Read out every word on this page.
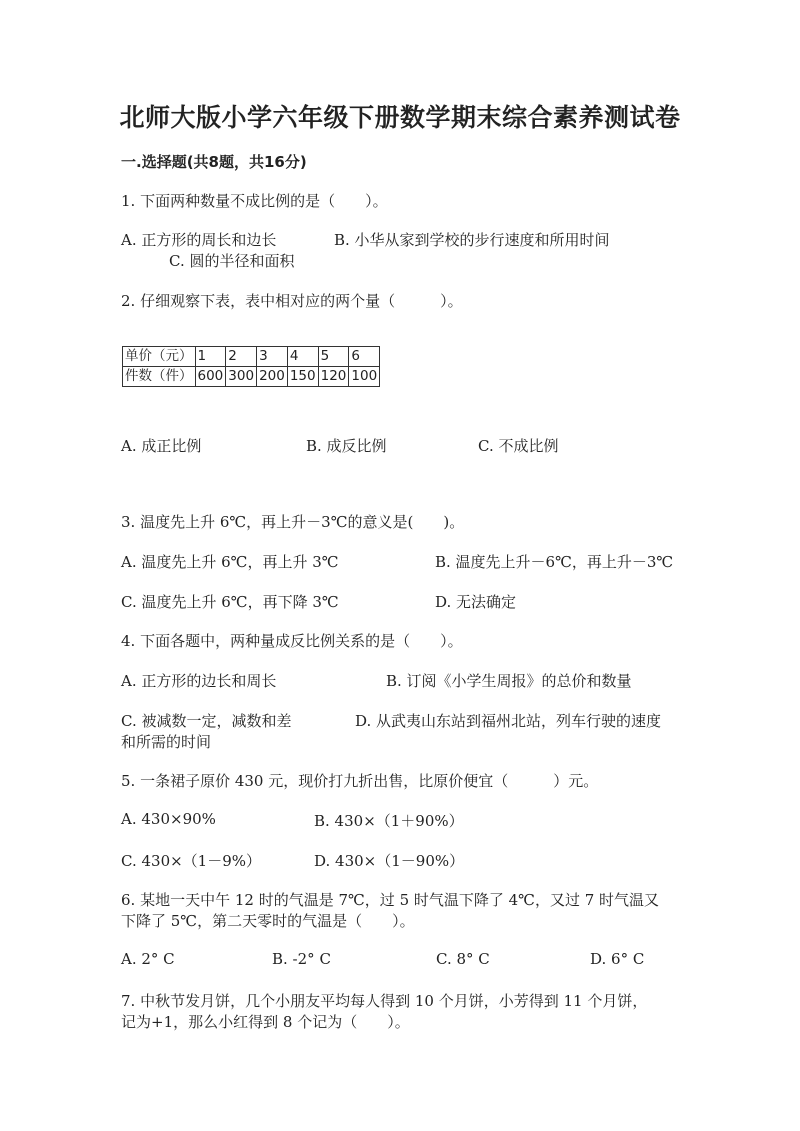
北师大版小学六年级下册数学期末综合素养测试卷
一.选择题(共8题，共16分)
1. 下面两种数量不成比例的是（　　）。
A. 正方形的周长和边长	B. 小华从家到学校的步行速度和所用时间
C. 圆的半径和面积
2. 仔细观察下表，表中相对应的两个量（　　　）。
单价（元）	1	2	3	4	5	6
件数（件）	600	300	200	150	120	100
A. 成正比例	B. 成反比例	C. 不成比例
3. 温度先上升 6℃，再上升－3℃的意义是(　　)。
A. 温度先上升 6℃，再上升 3℃	B. 温度先上升－6℃，再上升－3℃
C. 温度先上升 6℃，再下降 3℃	D. 无法确定
4. 下面各题中，两种量成反比例关系的是（　　）。
A. 正方形的边长和周长	B. 订阅《小学生周报》的总价和数量
C. 被减数一定，减数和差	D. 从武夷山东站到福州北站，列车行驶的速度
和所需的时间
5. 一条裙子原价 430 元，现价打九折出售，比原价便宜（　　　）元。
A. 430×90%	B. 430×（1＋90%）
C. 430×（1－9%）	D. 430×（1－90%）
6. 某地一天中午 12 时的气温是 7℃，过 5 时气温下降了 4℃，又过 7 时气温又
下降了 5℃，第二天零时的气温是（　　）。
A. 2° C	B. -2° C	C. 8° C	D. 6° C
7. 中秋节发月饼，几个小朋友平均每人得到 10 个月饼，小芳得到 11 个月饼，
记为+1，那么小红得到 8 个记为（　　）。
